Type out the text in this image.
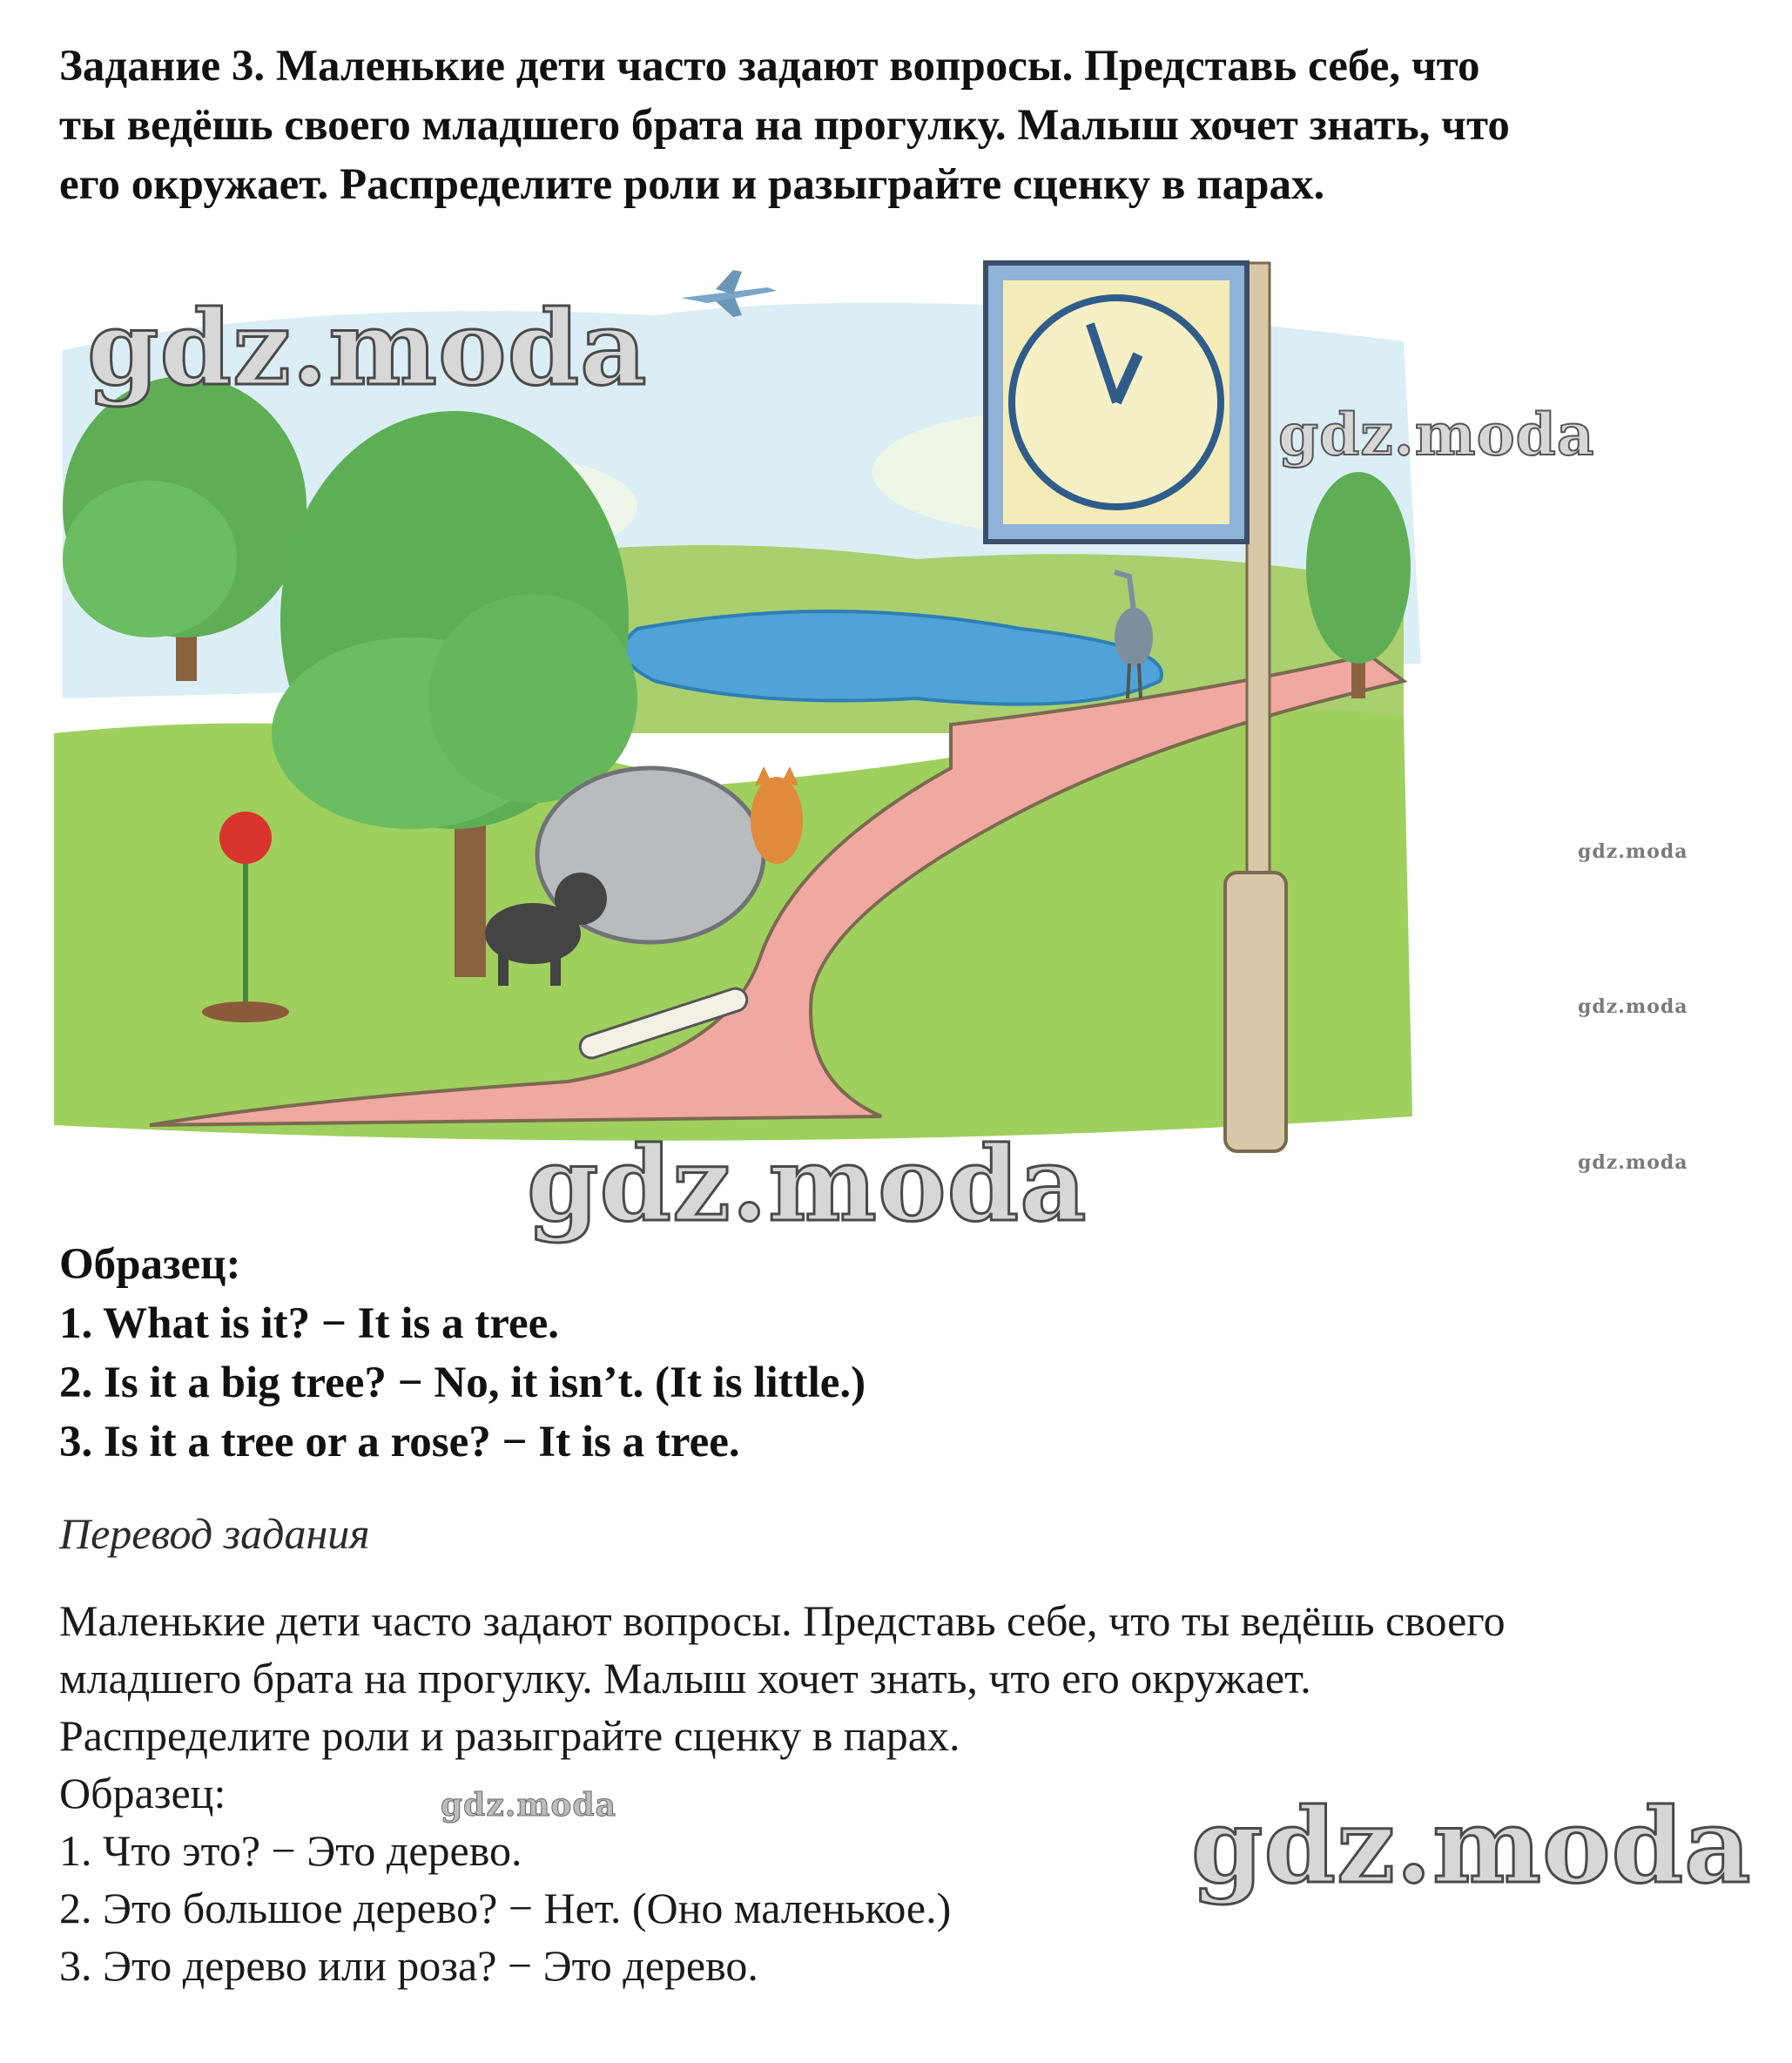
Задание 3. Маленькие дети часто задают вопросы. Представь себе, что
ты ведёшь своего младшего брата на прогулку. Малыш хочет знать, что
его окружает. Распределите роли и разыграйте сценку в парах.
Образец:
1. What is it? − It is a tree.
2. Is it a big tree? − No, it isn’t. (It is little.)
3. Is it a tree or a rose? − It is a tree.
Перевод задания
Маленькие дети часто задают вопросы. Представь себе, что ты ведёшь своего
младшего брата на прогулку. Малыш хочет знать, что его окружает.
Распределите роли и разыграйте сценку в парах.
Образец:
1. Что это? − Это дерево.
2. Это большое дерево? − Нет. (Оно маленькое.)
3. Это дерево или роза? − Это дерево.
gdz.moda
gdz.moda
gdz.moda
gdz.moda
gdz.moda
gdz.moda
gdz.moda	gdz.moda
